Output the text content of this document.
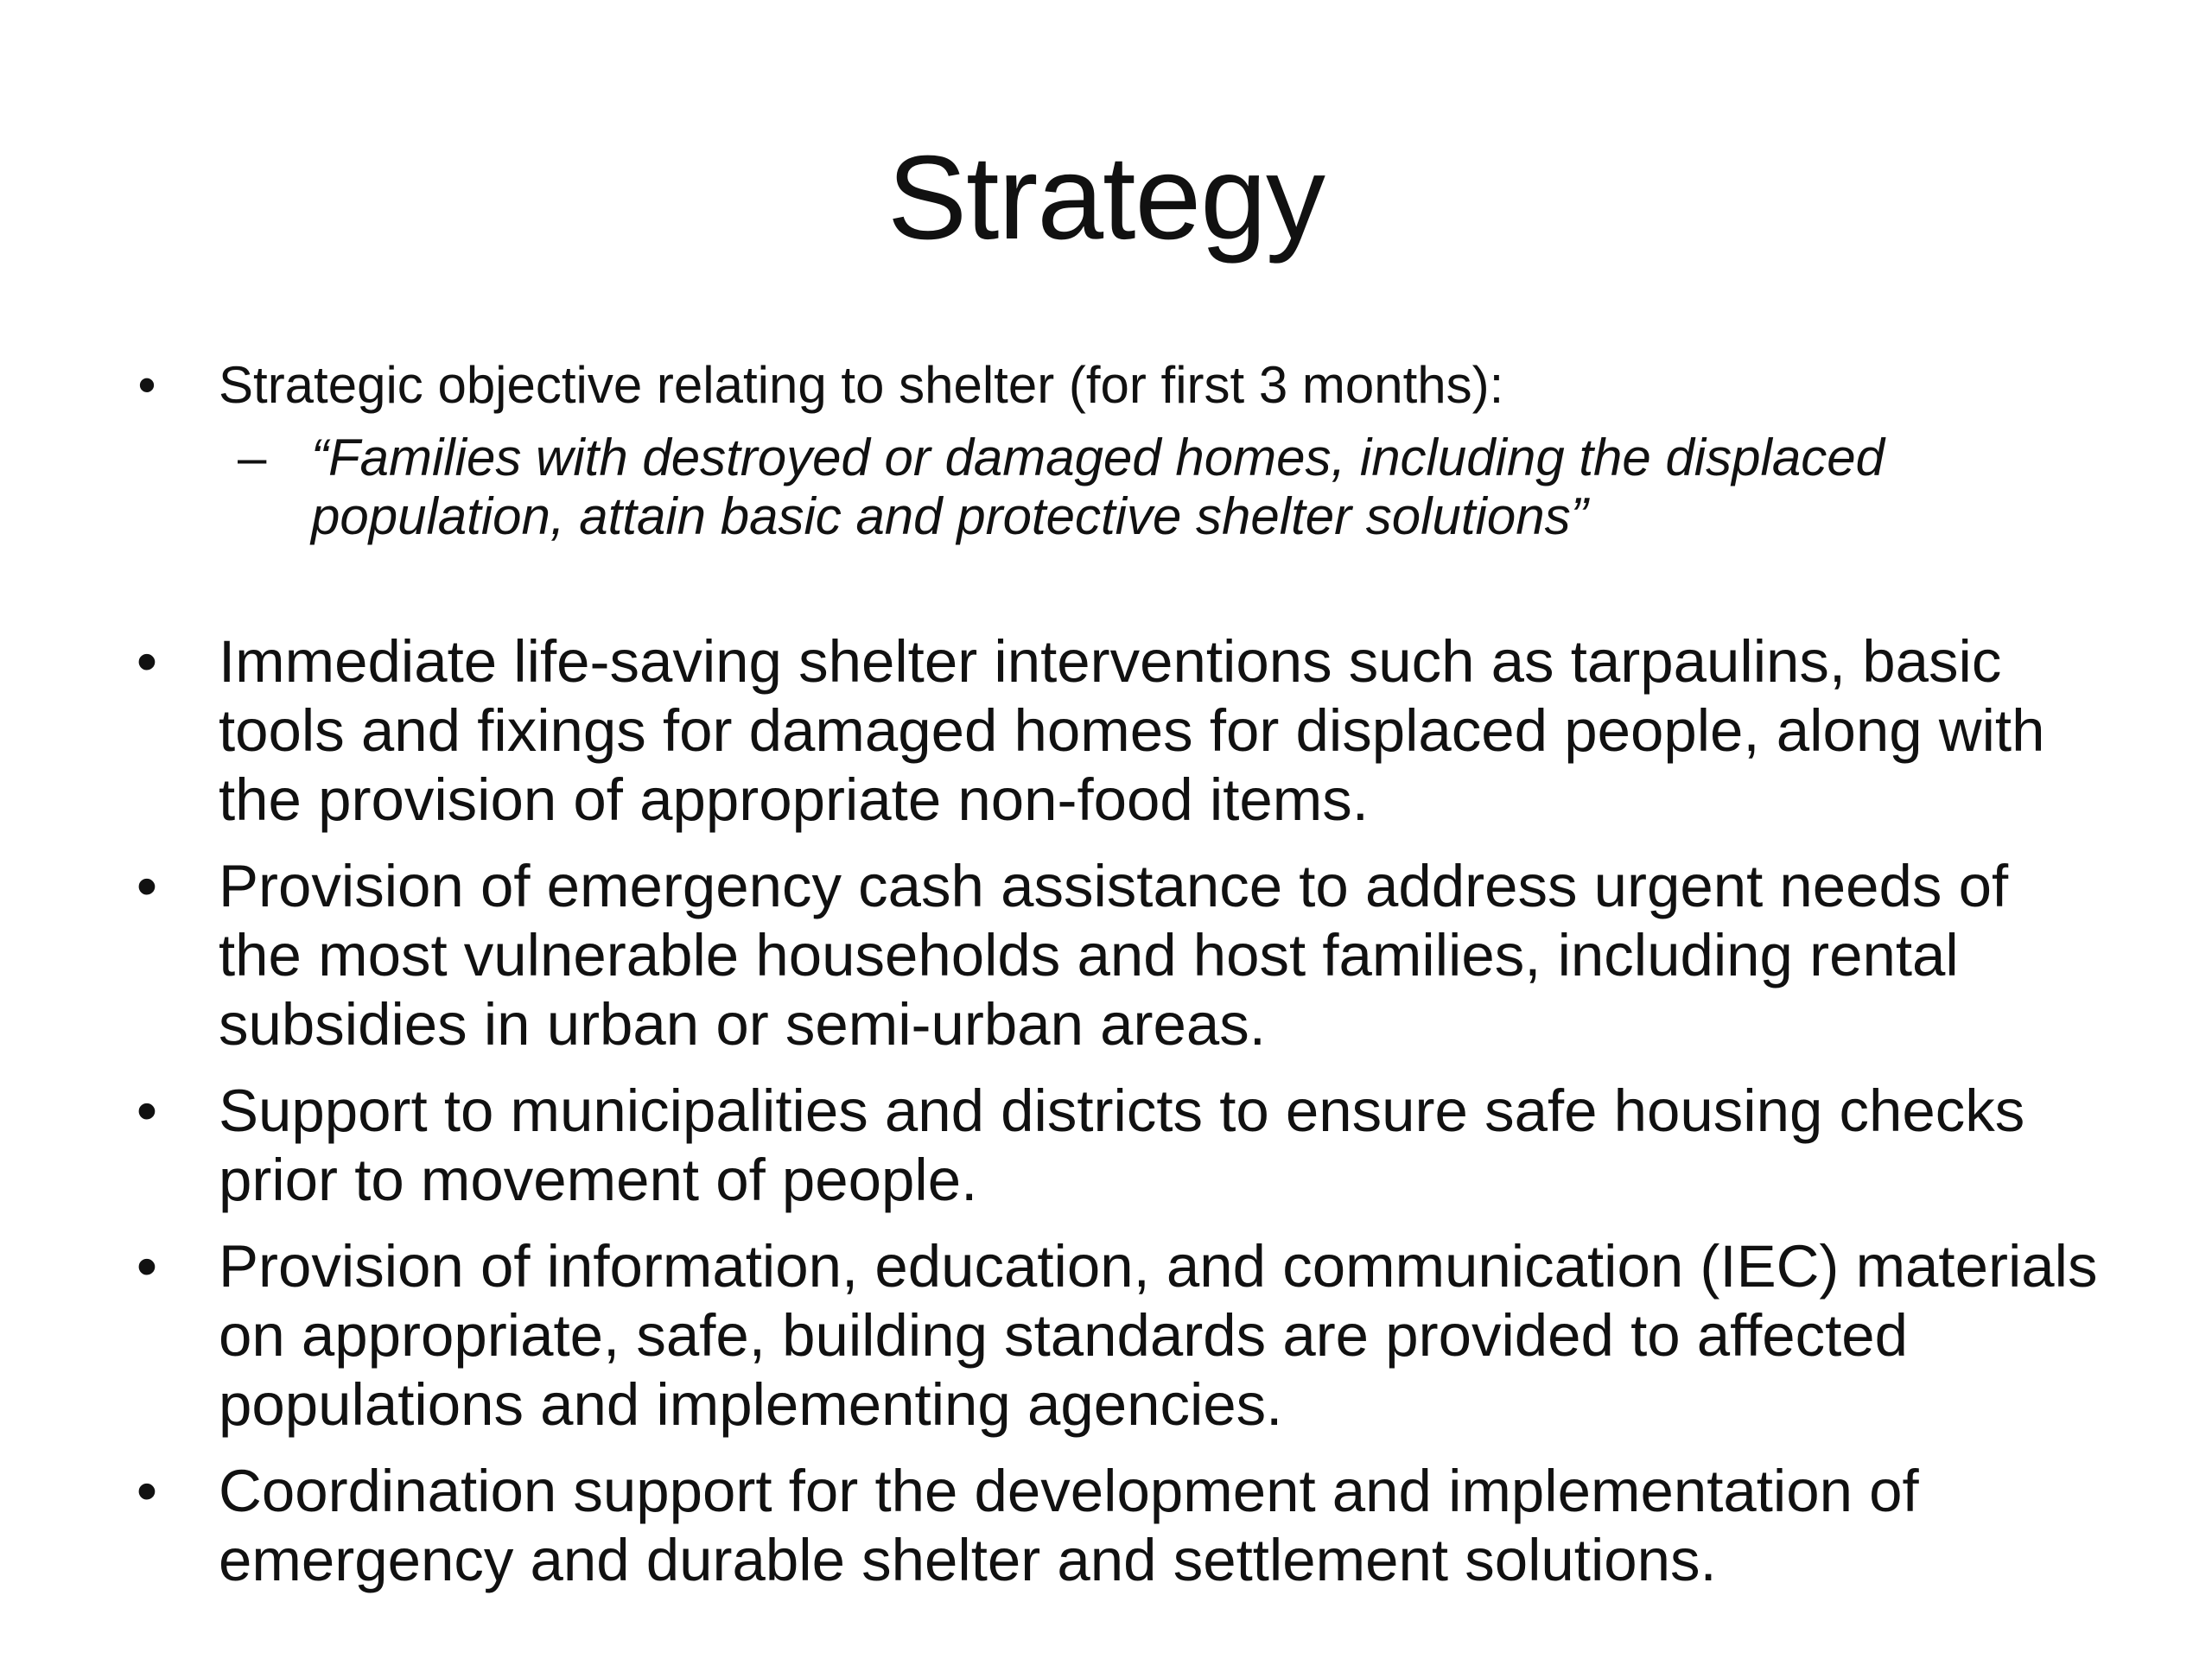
Strategy
• Strategic objective relating to shelter (for first 3 months):
– “Families with destroyed or damaged homes, including the displaced population, attain basic and protective shelter solutions”
• Immediate life-saving shelter interventions such as tarpaulins, basic tools and fixings for damaged homes for displaced people, along with the provision of appropriate non-food items.
• Provision of emergency cash assistance to address urgent needs of the most vulnerable households and host families, including rental subsidies in urban or semi-urban areas.
• Support to municipalities and districts to ensure safe housing checks prior to movement of people.
• Provision of information, education, and communication (IEC) materials on appropriate, safe, building standards are provided to affected populations and implementing agencies.
• Coordination support for the development and implementation of emergency and durable shelter and settlement solutions.
